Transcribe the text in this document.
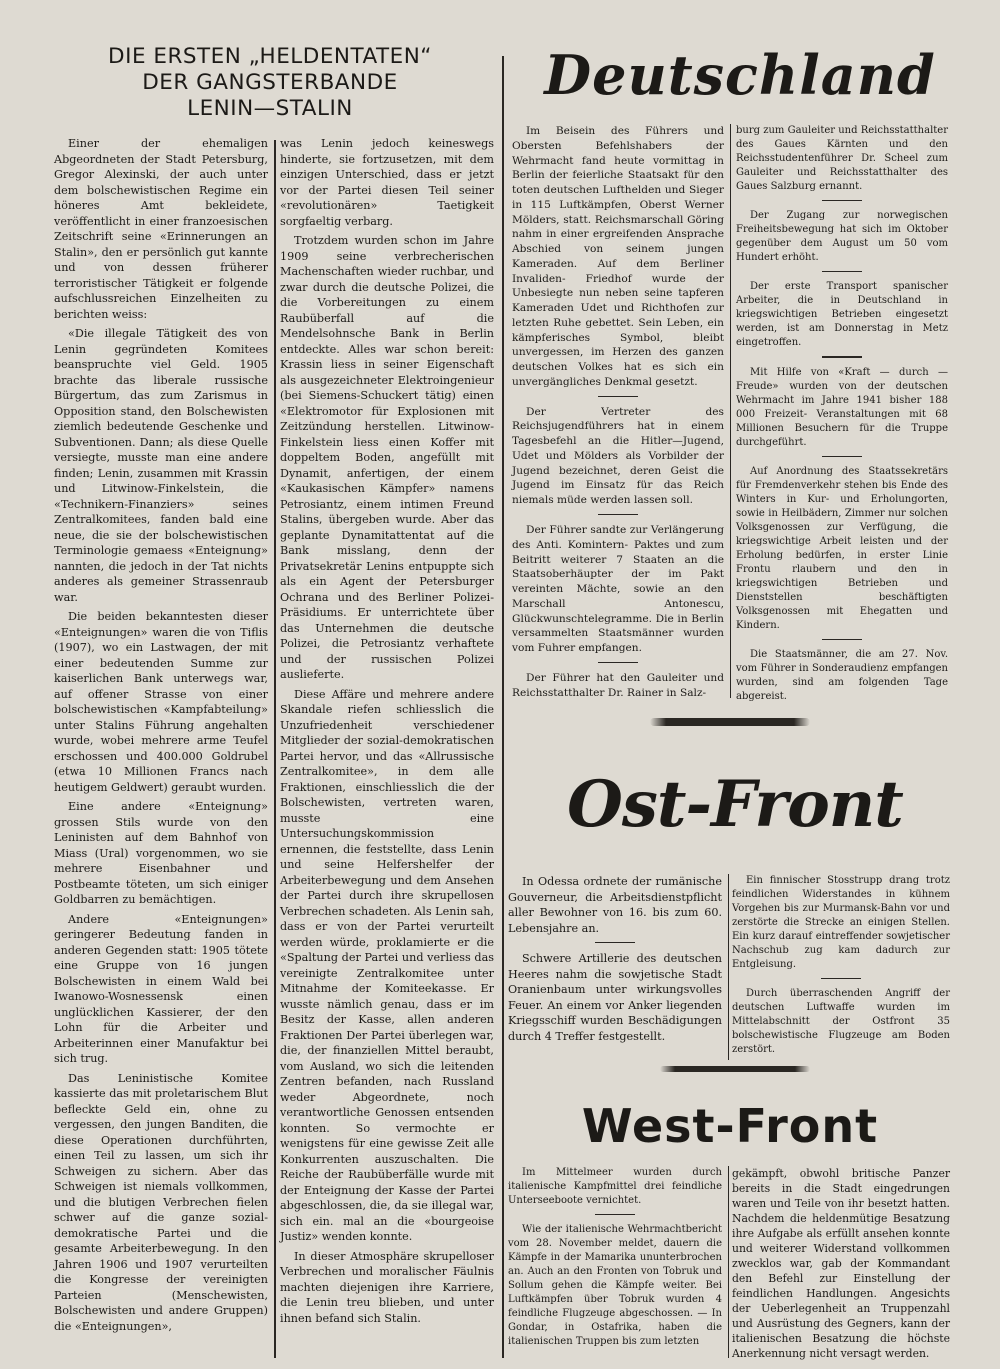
DIE ERSTEN „HELDENTATEN“
DER GANGSTERBANDE
LENIN—STALIN

Einer der ehemaligen Abgeordneten der Stadt Petersburg, Gregor Alexinski, der auch unter dem bolschewistischen Regime ein höneres Amt bekleidete, veröffentlicht in einer franzoesischen Zeitschrift seine «Erinnerungen an Stalin», den er persönlich gut kannte und von dessen früherer terroristischer Tätigkeit er folgende aufschlussreichen Einzelheiten zu berichten weiss:

«Die illegale Tätigkeit des von Lenin gegründeten Komitees beanspruchte viel Geld. 1905 brachte das liberale russische Bürgertum, das zum Zarismus in Opposition stand, den Bolschewisten ziemlich bedeutende Geschenke und Subventionen. Dann; als diese Quelle versiegte, musste man eine andere finden; Lenin, zusammen mit Krassin und Litwinow-Finkelstein, die «Technikern-Finanziers» seines Zentralkomitees, fanden bald eine neue, die sie der bolschewistischen Terminologie gemaess «Enteignung» nannten, die jedoch in der Tat nichts anderes als gemeiner Strassenraub war.

Die beiden bekanntesten dieser «Enteignungen» waren die von Tiflis (1907), wo ein Lastwagen, der mit einer bedeutenden Summe zur kaiserlichen Bank unterwegs war, auf offener Strasse von einer bolschewistischen «Kampfabteilung» unter Stalins Führung angehalten wurde, wobei mehrere arme Teufel erschossen und 400.000 Goldrubel (etwa 10 Millionen Francs nach heutigem Geldwert) geraubt wurden.

Eine andere «Enteignung» grossen Stils wurde von den Leninisten auf dem Bahnhof von Miass (Ural) vorgenommen, wo sie mehrere Eisenbahner und Postbeamte töteten, um sich einiger Goldbarren zu bemächtigen.

Andere «Enteignungen» geringerer Bedeutung fanden in anderen Gegenden statt: 1905 tötete eine Gruppe von 16 jungen Bolschewisten in einem Wald bei Iwanowo-Wosnessensk einen unglücklichen Kassierer, der den Lohn für die Arbeiter und Arbeiterinnen einer Manufaktur bei sich trug.

Das Leninistische Komitee kassierte das mit proletarischem Blut befleckte Geld ein, ohne zu vergessen, den jungen Banditen, die diese Operationen durchführten, einen Teil zu lassen, um sich ihr Schweigen zu sichern. Aber das Schweigen ist niemals vollkommen, und die blutigen Verbrechen fielen schwer auf die ganze sozial-demokratische Partei und die gesamte Arbeiterbewegung. In den Jahren 1906 und 1907 verurteilten die Kongresse der vereinigten Parteien (Menschewisten, Bolschewisten und andere Gruppen) die «Enteignungen»,

was Lenin jedoch keineswegs hinderte, sie fortzusetzen, mit dem einzigen Unterschied, dass er jetzt vor der Partei diesen Teil seiner «revolutionären» Taetigkeit sorgfaeltig verbarg.

Trotzdem wurden schon im Jahre 1909 seine verbrecherischen Machenschaften wieder ruchbar, und zwar durch die deutsche Polizei, die die Vorbereitungen zu einem Raubüberfall auf die Mendelsohnsche Bank in Berlin entdeckte. Alles war schon bereit: Krassin liess in seiner Eigenschaft als ausgezeichneter Elektroingenieur (bei Siemens-Schuckert tätig) einen «Elektromotor für Explosionen mit Zeitzündung herstellen. Litwinow-Finkelstein liess einen Koffer mit doppeltem Boden, angefüllt mit Dynamit, anfertigen, der einem «Kaukasischen Kämpfer» namens Petrosiantz, einem intimen Freund Stalins, übergeben wurde. Aber das geplante Dynamitattentat auf die Bank misslang, denn der Privatsekretär Lenins entpuppte sich als ein Agent der Petersburger Ochrana und des Berliner Polizei-Präsidiums. Er unterrichtete über das Unternehmen die deutsche Polizei, die Petrosiantz verhaftete und der russischen Polizei auslieferte.

Diese Affäre und mehrere andere Skandale riefen schliesslich die Unzufriedenheit verschiedener Mitglieder der sozial-demokratischen Partei hervor, und das «Allrussische Zentralkomitee», in dem alle Fraktionen, einschliesslich die der Bolschewisten, vertreten waren, musste eine Untersuchungskommission ernennen, die feststellte, dass Lenin und seine Helfershelfer der Arbeiterbewegung und dem Ansehen der Partei durch ihre skrupellosen Verbrechen schadeten. Als Lenin sah, dass er von der Partei verurteilt werden würde, proklamierte er die «Spaltung der Partei und verliess das vereinigte Zentralkomitee unter Mitnahme der Komiteekasse. Er wusste nämlich genau, dass er im Besitz der Kasse, allen anderen Fraktionen Der Partei überlegen war, die, der finanziellen Mittel beraubt, vom Ausland, wo sich die leitenden Zentren befanden, nach Russland weder Abgeordnete, noch verantwortliche Genossen entsenden konnten. So vermochte er wenigstens für eine gewisse Zeit alle Konkurrenten auszuschalten. Die Reiche der Raubüberfälle wurde mit der Enteignung der Kasse der Partei abgeschlossen, die, da sie illegal war, sich ein. mal an die «bourgeoise Justiz» wenden konnte.

In dieser Atmosphäre skrupelloser Verbrechen und moralischer Fäulnis machten diejenigen ihre Karriere, die Lenin treu blieben, und unter ihnen befand sich Stalin.

Deutschland

Im Beisein des Führers und Obersten Befehlshabers der Wehrmacht fand heute vormittag in Berlin der feierliche Staatsakt für den toten deutschen Lufthelden und Sieger in 115 Luftkämpfen, Oberst Werner Mölders, statt. Reichsmarschall Göring nahm in einer ergreifenden Ansprache Abschied von seinem jungen Kameraden. Auf dem Berliner Invaliden- Friedhof wurde der Unbesiegte nun neben seine tapferen Kameraden Udet und Richthofen zur letzten Ruhe gebettet. Sein Leben, ein kämpferisches Symbol, bleibt unvergessen, im Herzen des ganzen deutschen Volkes hat es sich ein unvergängliches Denkmal gesetzt.

Der Vertreter des Reichsjugendführers hat in einem Tagesbefehl an die Hitler—Jugend, Udet und Mölders als Vorbilder der Jugend bezeichnet, deren Geist die Jugend im Einsatz für das Reich niemals müde werden lassen soll.

Der Führer sandte zur Verlängerung des Anti. Komintern- Paktes und zum Beitritt weiterer 7 Staaten an die Staatsoberhäupter der im Pakt vereinten Mächte, sowie an den Marschall Antonescu, Glückwunschtelegramme. Die in Berlin versammelten Staatsmänner wurden vom Fuhrer empfangen.

Der Führer hat den Gauleiter und Reichsstatthalter Dr. Rainer in Salz-

burg zum Gauleiter und Reichsstatthalter des Gaues Kärnten und den Reichsstudentenführer Dr. Scheel zum Gauleiter und Reichsstatthalter des Gaues Salzburg ernannt.

Der Zugang zur norwegischen Freiheitsbewegung hat sich im Oktober gegenüber dem August um 50 vom Hundert erhöht.

Der erste Transport spanischer Arbeiter, die in Deutschland in kriegswichtigen Betrieben eingesetzt werden, ist am Donnerstag in Metz eingetroffen.

Mit Hilfe von «Kraft — durch — Freude» wurden von der deutschen Wehrmacht im Jahre 1941 bisher 188 000 Freizeit- Veranstaltungen mit 68 Millionen Besuchern für die Truppe durchgeführt.

Auf Anordnung des Staatssekretärs für Fremdenverkehr stehen bis Ende des Winters in Kur- und Erholungorten, sowie in Heilbädern, Zimmer nur solchen Volksgenossen zur Verfügung, die kriegswichtige Arbeit leisten und der Erholung bedürfen, in erster Linie Frontu rlaubern und den in kriegswichtigen Betrieben und Dienststellen beschäftigten Volksgenossen mit Ehegatten und Kindern.

Die Staatsmänner, die am 27. Nov. vom Führer in Sonderaudienz empfangen wurden, sind am folgenden Tage abgereist.

Ost-Front

In Odessa ordnete der rumänische Gouverneur, die Arbeitsdienstpflicht aller Bewohner von 16. bis zum 60. Lebensjahre an.

Schwere Artillerie des deutschen Heeres nahm die sowjetische Stadt Oranienbaum unter wirkungsvolles Feuer. An einem vor Anker liegenden Kriegsschiff wurden Beschädigungen durch 4 Treffer festgestellt.

Ein finnischer Stosstrupp drang trotz feindlichen Widerstandes in kühnem Vorgehen bis zur Murmansk-Bahn vor und zerstörte die Strecke an einigen Stellen. Ein kurz darauf eintreffender sowjetischer Nachschub zug kam dadurch zur Entgleisung.

Durch überraschenden Angriff der deutschen Luftwaffe wurden im Mittelabschnitt der Ostfront 35 bolschewistische Flugzeuge am Boden zerstört.

West-Front

Im Mittelmeer wurden durch italienische Kampfmittel drei feindliche Unterseeboote vernichtet.

Wie der italienische Wehrmachtbericht vom 28. November meldet, dauern die Kämpfe in der Mamarika ununterbrochen an. Auch an den Fronten von Tobruk und Sollum gehen die Kämpfe weiter. Bei Luftkämpfen über Tobruk wurden 4 feindliche Flugzeuge abgeschossen. — In Gondar, in Ostafrika, haben die italienischen Truppen bis zum letzten

gekämpft, obwohl britische Panzer bereits in die Stadt eingedrungen waren und Teile von ihr besetzt hatten. Nachdem die heldenmütige Besatzung ihre Aufgabe als erfüllt ansehen konnte und weiterer Widerstand vollkommen zwecklos war, gab der Kommandant den Befehl zur Einstellung der feindlichen Handlungen. Angesichts der Ueberlegenheit an Truppenzahl und Ausrüstung des Gegners, kann der italienischen Besatzung die höchste Anerkennung nicht versagt werden.
